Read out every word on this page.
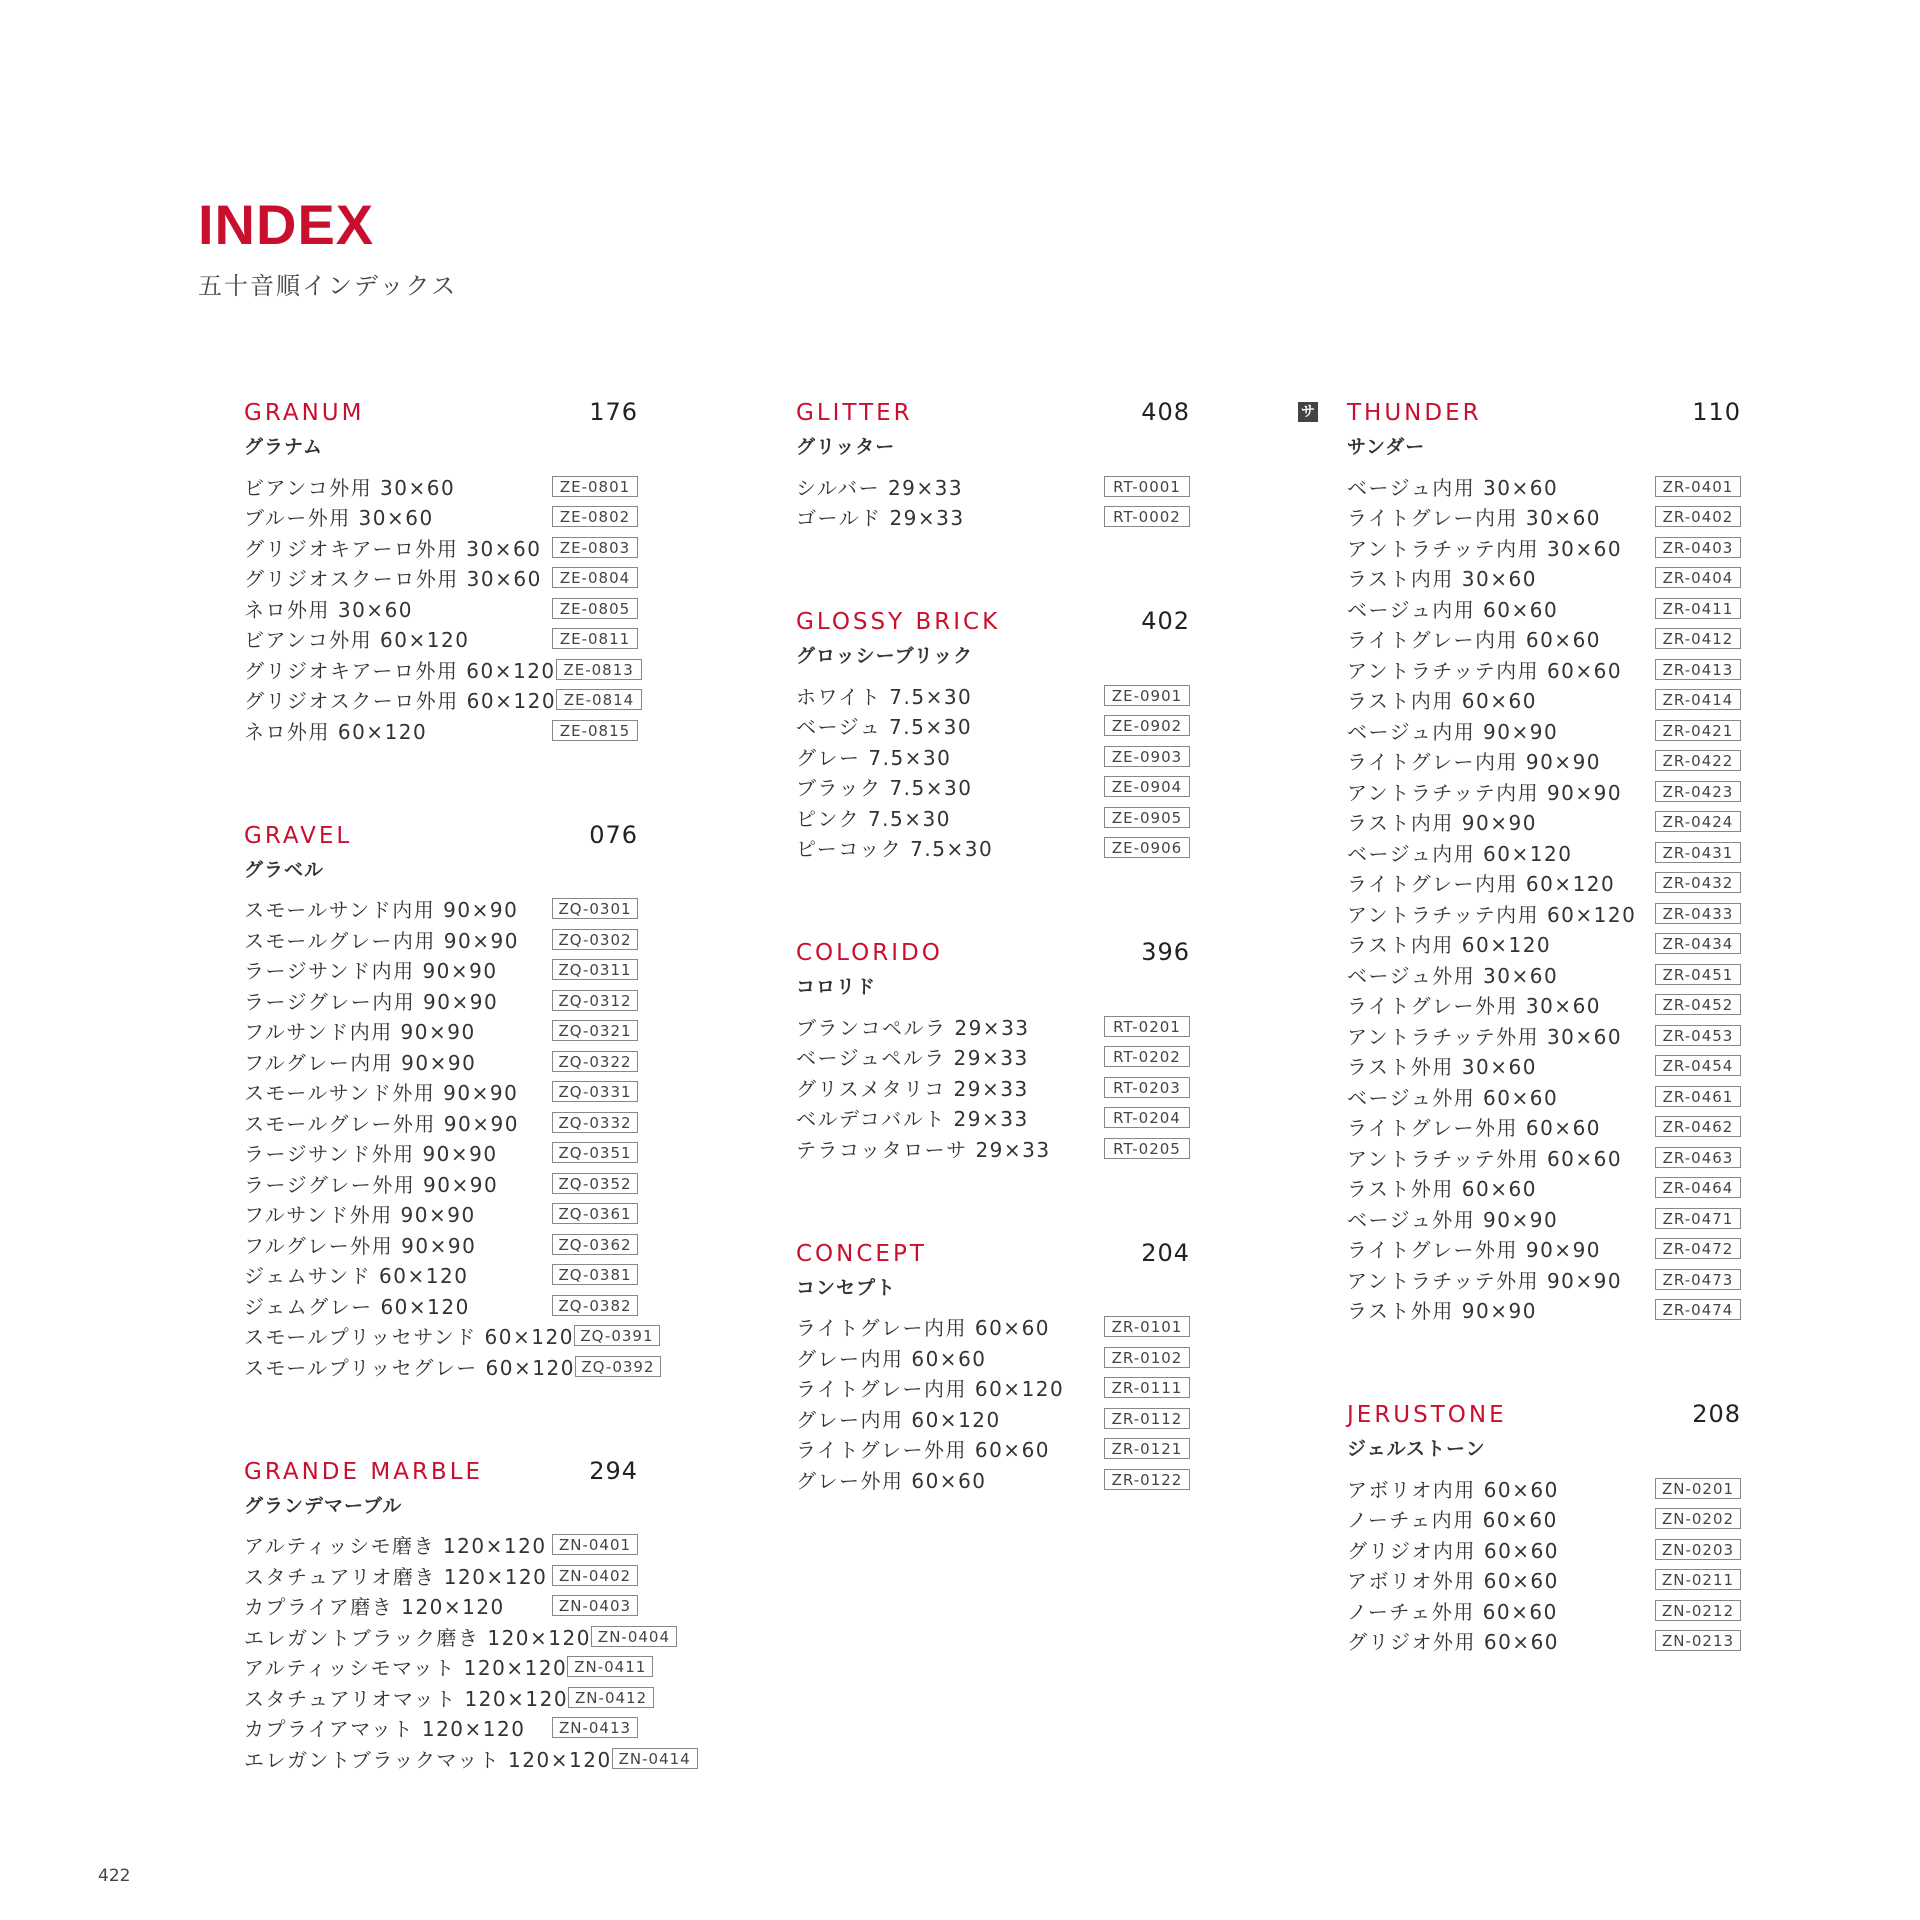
INDEX
五十音順インデックス
GRANUM	176
グラナム
ビアンコ外用 30×60	ZE-0801
ブルー外用 30×60	ZE-0802
グリジオキアーロ外用 30×60	ZE-0803
グリジオスクーロ外用 30×60	ZE-0804
ネロ外用 30×60	ZE-0805
ビアンコ外用 60×120	ZE-0811
グリジオキアーロ外用 60×120 ZE-0813
グリジオスクーロ外用 60×120 ZE-0814
ネロ外用 60×120	ZE-0815
GRAVEL	076
グラベル
スモールサンド内用 90×90	ZQ-0301
スモールグレー内用 90×90	ZQ-0302
ラージサンド内用 90×90	ZQ-0311
ラージグレー内用 90×90	ZQ-0312
フルサンド内用 90×90	ZQ-0321
フルグレー内用 90×90	ZQ-0322
スモールサンド外用 90×90	ZQ-0331
スモールグレー外用 90×90	ZQ-0332
ラージサンド外用 90×90	ZQ-0351
ラージグレー外用 90×90	ZQ-0352
フルサンド外用 90×90	ZQ-0361
フルグレー外用 90×90	ZQ-0362
ジェムサンド 60×120	ZQ-0381
ジェムグレー 60×120	ZQ-0382
スモールプリッセサンド 60×120 ZQ-0391
スモールプリッセグレー 60×120 ZQ-0392
GRANDE MARBLE	294
グランデマーブル
アルティッシモ磨き 120×120 ZN-0401
スタチュアリオ磨き 120×120 ZN-0402
カプライア磨き 120×120	ZN-0403
エレガントブラック磨き 120×120 ZN-0404
アルティッシモマット 120×120 ZN-0411
スタチュアリオマット 120×120 ZN-0412
カプライアマット 120×120	ZN-0413
エレガントブラックマット 120×120 ZN-0414
GLITTER	408
グリッター
シルバー 29×33	RT-0001
ゴールド 29×33	RT-0002
GLOSSY BRICK	402
グロッシーブリック
ホワイト 7.5×30	ZE-0901
ベージュ 7.5×30	ZE-0902
グレー 7.5×30	ZE-0903
ブラック 7.5×30	ZE-0904
ピンク 7.5×30	ZE-0905
ピーコック 7.5×30	ZE-0906
COLORIDO	396
コロリド
ブランコペルラ 29×33	RT-0201
ベージュペルラ 29×33	RT-0202
グリスメタリコ 29×33	RT-0203
ベルデコバルト 29×33	RT-0204
テラコッタローサ 29×33	RT-0205
CONCEPT	204
コンセプト
ライトグレー内用 60×60	ZR-0101
グレー内用 60×60	ZR-0102
ライトグレー内用 60×120	ZR-0111
グレー内用 60×120	ZR-0112
ライトグレー外用 60×60	ZR-0121
グレー外用 60×60	ZR-0122
THUNDER	110
サンダー
ベージュ内用 30×60	ZR-0401
ライトグレー内用 30×60	ZR-0402
アントラチッテ内用 30×60	ZR-0403
ラスト内用 30×60	ZR-0404
ベージュ内用 60×60	ZR-0411
ライトグレー内用 60×60	ZR-0412
アントラチッテ内用 60×60	ZR-0413
ラスト内用 60×60	ZR-0414
ベージュ内用 90×90	ZR-0421
ライトグレー内用 90×90	ZR-0422
アントラチッテ内用 90×90	ZR-0423
ラスト内用 90×90	ZR-0424
ベージュ内用 60×120	ZR-0431
ライトグレー内用 60×120	ZR-0432
アントラチッテ内用 60×120	ZR-0433
ラスト内用 60×120	ZR-0434
ベージュ外用 30×60	ZR-0451
ライトグレー外用 30×60	ZR-0452
アントラチッテ外用 30×60	ZR-0453
ラスト外用 30×60	ZR-0454
ベージュ外用 60×60	ZR-0461
ライトグレー外用 60×60	ZR-0462
アントラチッテ外用 60×60	ZR-0463
ラスト外用 60×60	ZR-0464
ベージュ外用 90×90	ZR-0471
ライトグレー外用 90×90	ZR-0472
アントラチッテ外用 90×90	ZR-0473
ラスト外用 90×90	ZR-0474
JERUSTONE	208
ジェルストーン
アボリオ内用 60×60	ZN-0201
ノーチェ内用 60×60	ZN-0202
グリジオ内用 60×60	ZN-0203
アボリオ外用 60×60	ZN-0211
ノーチェ外用 60×60	ZN-0212
グリジオ外用 60×60	ZN-0213
サ
422
